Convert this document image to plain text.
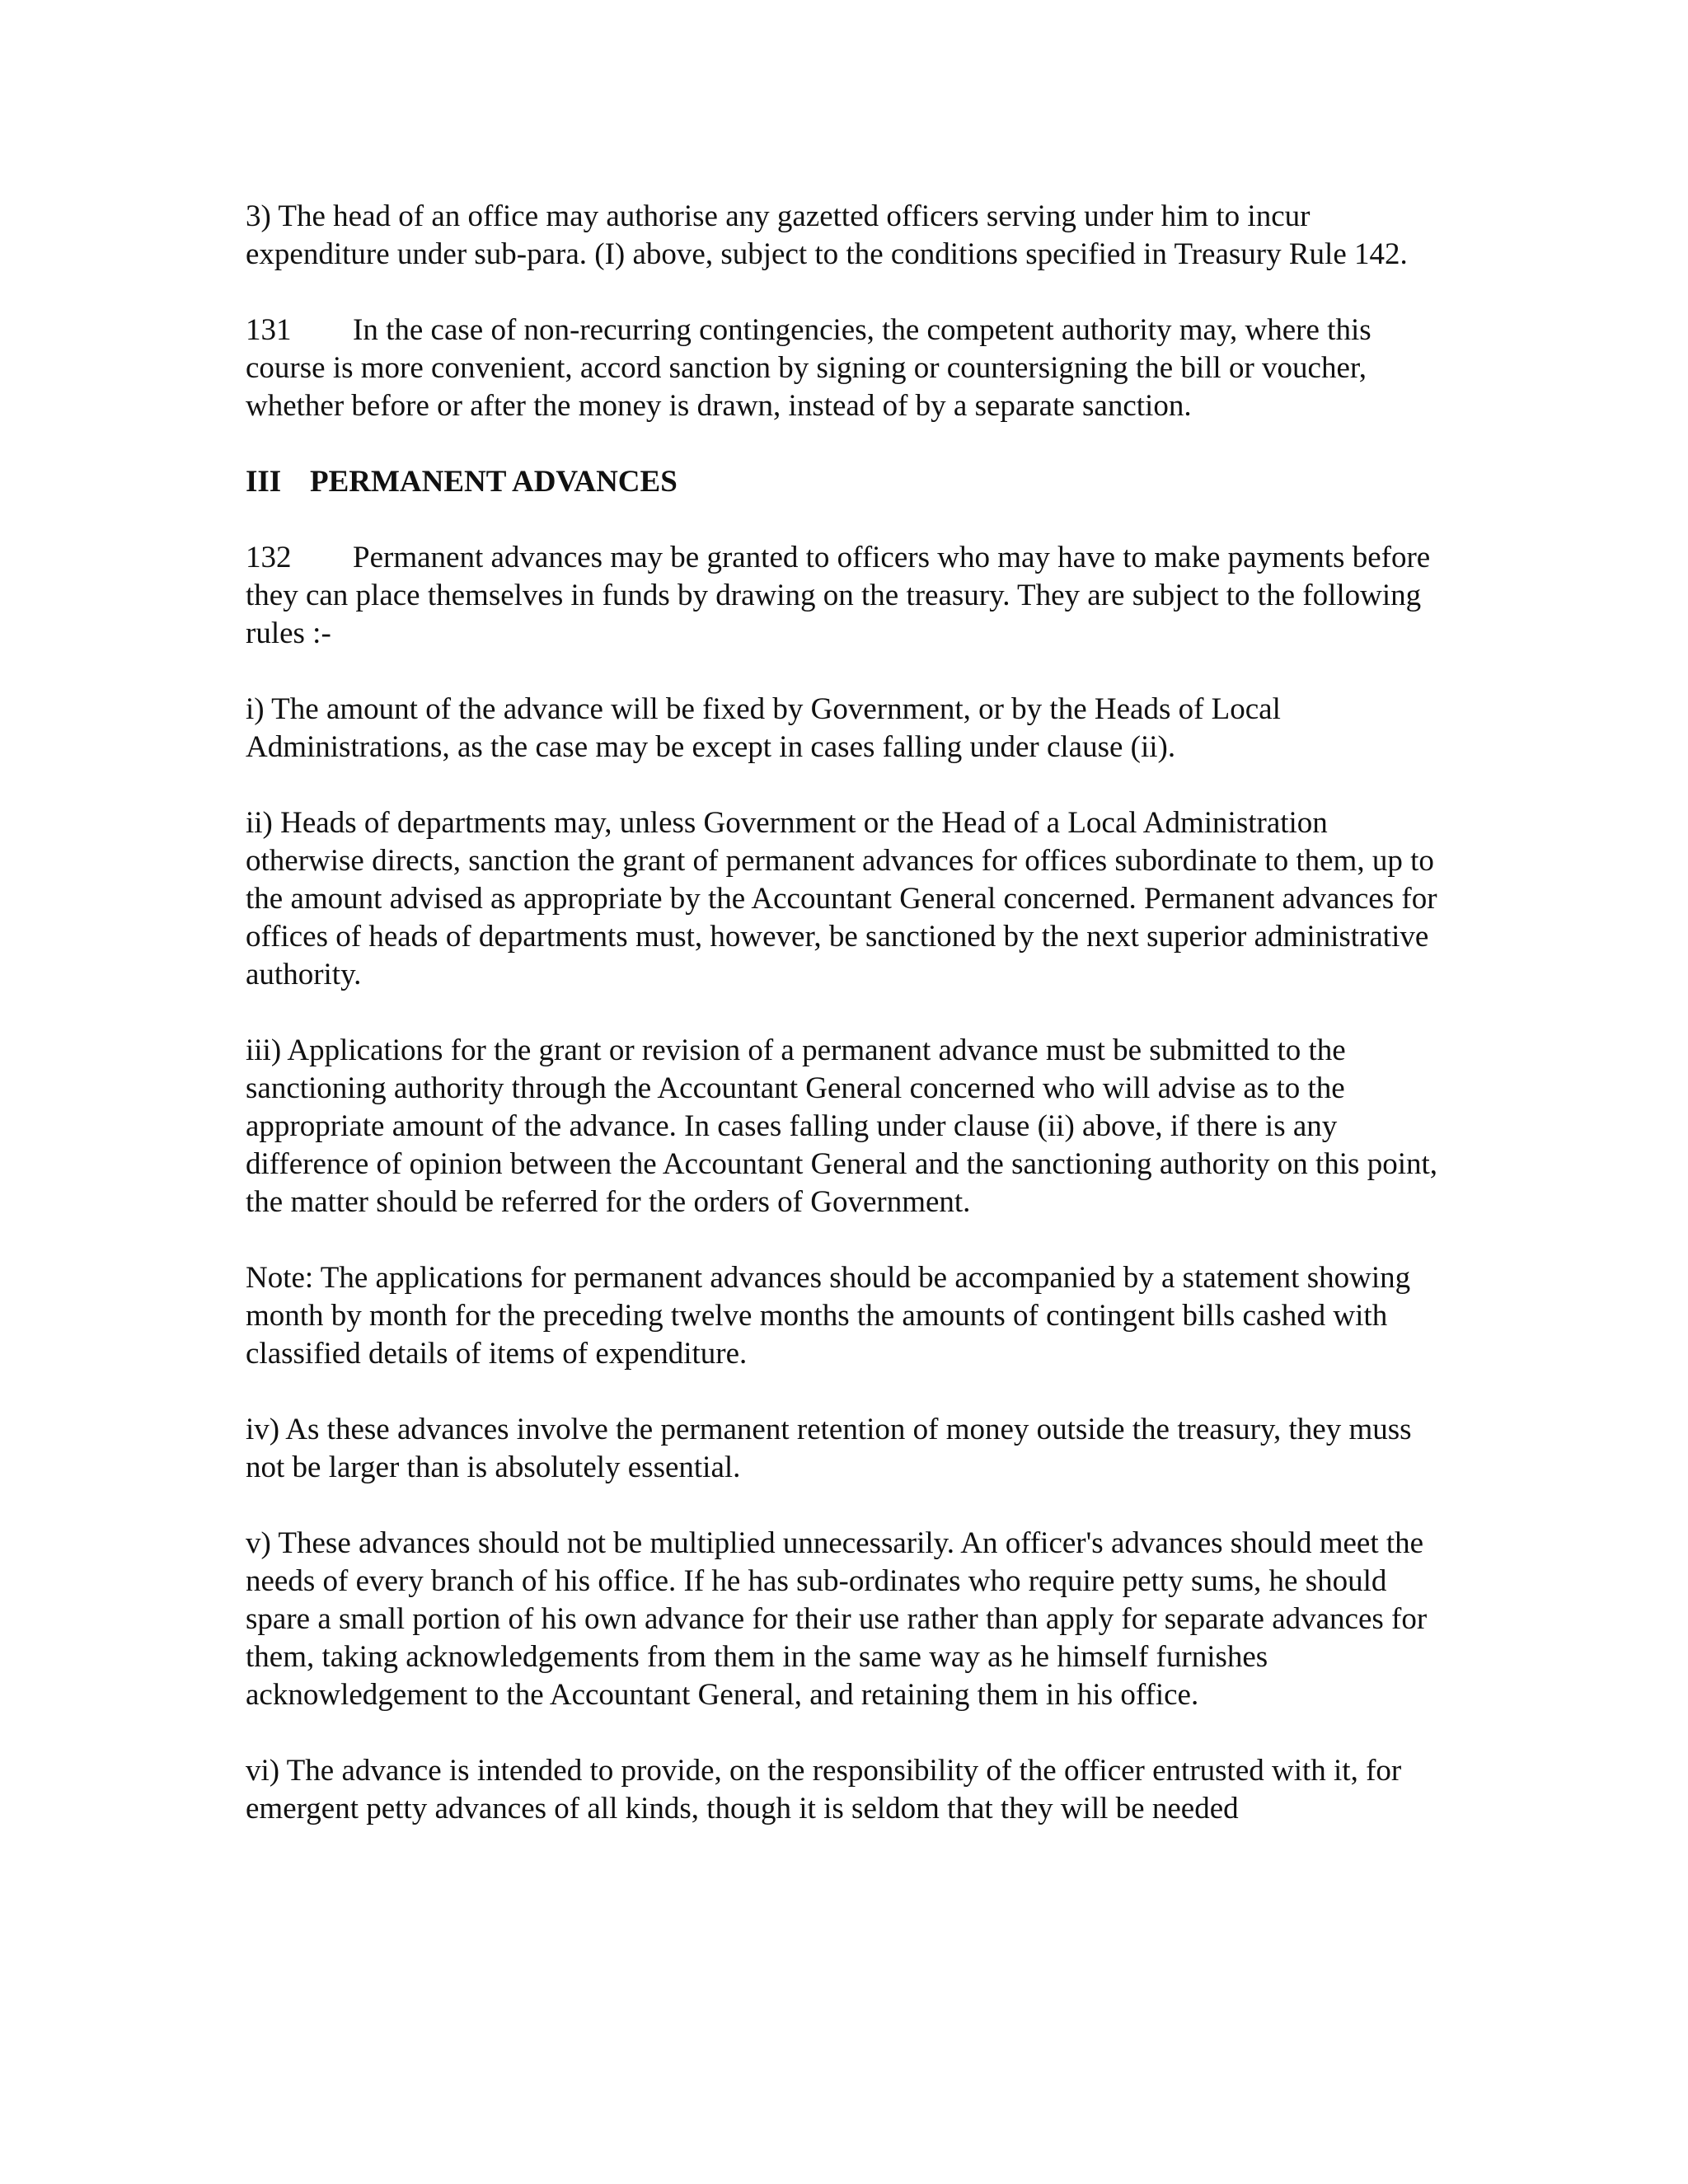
3) The head of an office may authorise any gazetted officers serving under him to incur expenditure under sub-para. (I) above, subject to the conditions specified in Treasury Rule 142.

131 In the case of non-recurring contingencies, the competent authority may, where this course is more convenient, accord sanction by signing or countersigning the bill or voucher, whether before or after the money is drawn, instead of by a separate sanction.

III PERMANENT ADVANCES

132 Permanent advances may be granted to officers who may have to make payments before they can place themselves in funds by drawing on the treasury. They are subject to the following rules :-

i) The amount of the advance will be fixed by Government, or by the Heads of Local Administrations, as the case may be except in cases falling under clause (ii).

ii) Heads of departments may, unless Government or the Head of a Local Administration otherwise directs, sanction the grant of permanent advances for offices subordinate to them, up to the amount advised as appropriate by the Accountant General concerned. Permanent advances for offices of heads of departments must, however, be sanctioned by the next superior administrative authority.

iii) Applications for the grant or revision of a permanent advance must be submitted to the sanctioning authority through the Accountant General concerned who will advise as to the appropriate amount of the advance. In cases falling under clause (ii) above, if there is any difference of opinion between the Accountant General and the sanctioning authority on this point, the matter should be referred for the orders of Government.

Note: The applications for permanent advances should be accompanied by a statement showing month by month for the preceding twelve months the amounts of contingent bills cashed with classified details of items of expenditure.

iv) As these advances involve the permanent retention of money outside the treasury, they muss not be larger than is absolutely essential.

v) These advances should not be multiplied unnecessarily. An officer's advances should meet the needs of every branch of his office. If he has sub-ordinates who require petty sums, he should spare a small portion of his own advance for their use rather than apply for separate advances for them, taking acknowledgements from them in the same way as he himself furnishes acknowledgement to the Accountant General, and retaining them in his office.

vi) The advance is intended to provide, on the responsibility of the officer entrusted with it, for emergent petty advances of all kinds, though it is seldom that they will be needed
